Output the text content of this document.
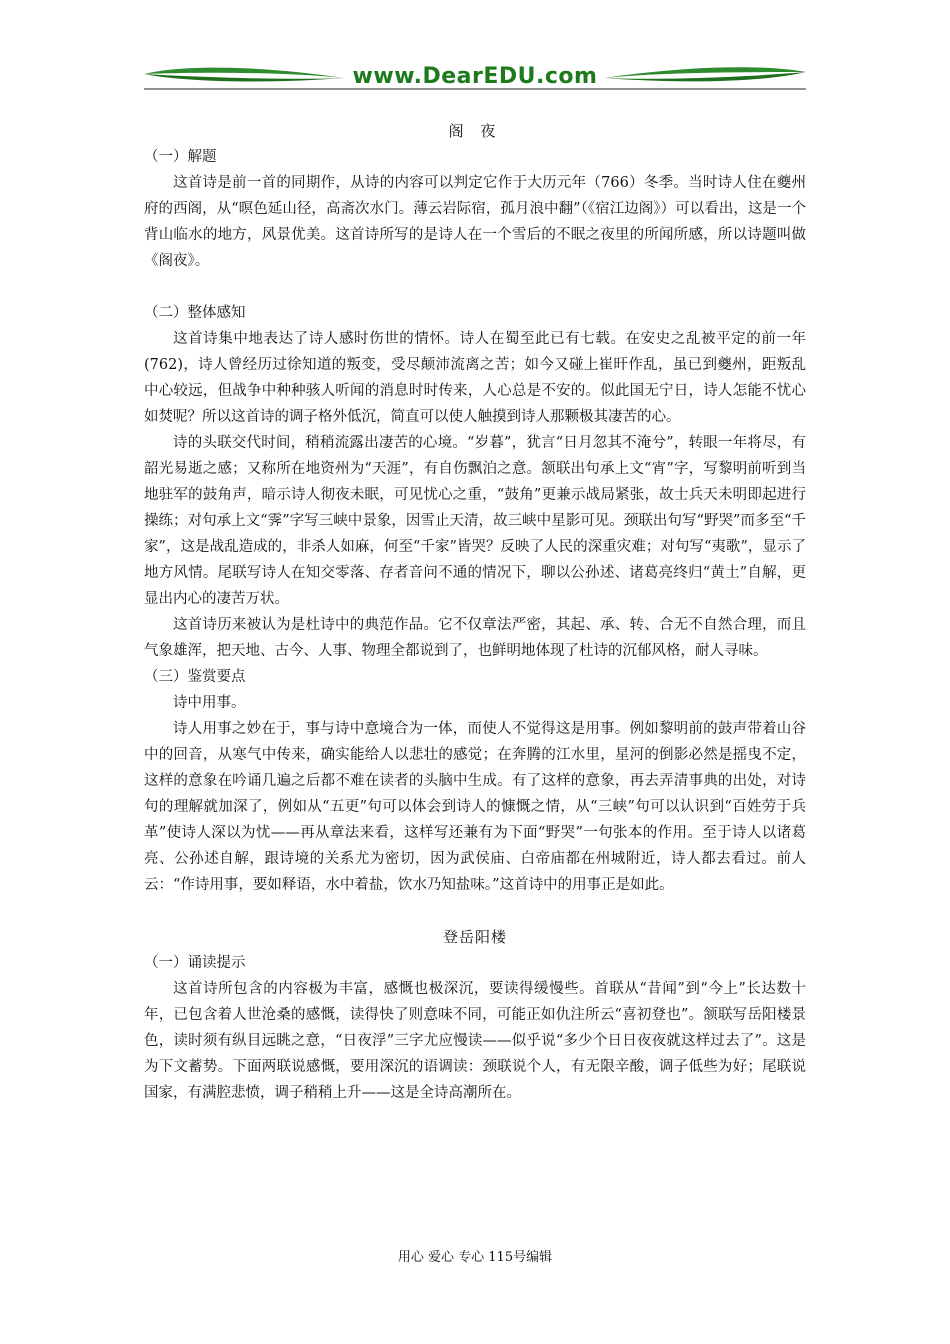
www.DearEDU.com

阁 夜

（一）解题

这首诗是前一首的同期作，从诗的内容可以判定它作于大历元年（766）冬季。当时诗人住在夔州府的西阁，从“暝色延山径，高斋次水门。薄云岩际宿，孤月浪中翻”（《宿江边阁》）可以看出，这是一个背山临水的地方，风景优美。这首诗所写的是诗人在一个雪后的不眠之夜里的所闻所感，所以诗题叫做《阁夜》。

（二）整体感知

这首诗集中地表达了诗人感时伤世的情怀。诗人在蜀至此已有七载。在安史之乱被平定的前一年(762)，诗人曾经历过徐知道的叛变，受尽颠沛流离之苦；如今又碰上崔旰作乱，虽已到夔州，距叛乱中心较远，但战争中种种骇人听闻的消息时时传来，人心总是不安的。似此国无宁日，诗人怎能不忧心如焚呢？所以这首诗的调子格外低沉，简直可以使人触摸到诗人那颗极其凄苦的心。

诗的头联交代时间，稍稍流露出凄苦的心境。“岁暮”，犹言“日月忽其不淹兮”，转眼一年将尽，有韶光易逝之感；又称所在地资州为“天涯”，有自伤飘泊之意。颔联出句承上文“宵”字，写黎明前听到当地驻军的鼓角声，暗示诗人彻夜未眠，可见忧心之重，“鼓角”更兼示战局紧张，故士兵天未明即起进行操练；对句承上文“霁”字写三峡中景象，因雪止天清，故三峡中星影可见。颈联出句写“野哭”而多至“千家”，这是战乱造成的，非杀人如麻，何至“千家”皆哭？反映了人民的深重灾难；对句写“夷歌”，显示了地方风情。尾联写诗人在知交零落、存者音问不通的情况下，聊以公孙述、诸葛亮终归“黄土”自解，更显出内心的凄苦万状。

这首诗历来被认为是杜诗中的典范作品。它不仅章法严密，其起、承、转、合无不自然合理，而且气象雄浑，把天地、古今、人事、物理全都说到了，也鲜明地体现了杜诗的沉郁风格，耐人寻味。

（三）鉴赏要点

诗中用事。

诗人用事之妙在于，事与诗中意境合为一体，而使人不觉得这是用事。例如黎明前的鼓声带着山谷中的回音，从寒气中传来，确实能给人以悲壮的感觉；在奔腾的江水里，星河的倒影必然是摇曳不定，这样的意象在吟诵几遍之后都不难在读者的头脑中生成。有了这样的意象，再去弄清事典的出处，对诗句的理解就加深了，例如从“五更”句可以体会到诗人的慷慨之情，从“三峡”句可以认识到“百姓劳于兵革”使诗人深以为忧——再从章法来看，这样写还兼有为下面“野哭”一句张本的作用。至于诗人以诸葛亮、公孙述自解，跟诗境的关系尤为密切，因为武侯庙、白帝庙都在州城附近，诗人都去看过。前人云：“作诗用事，要如释语，水中着盐，饮水乃知盐味。”这首诗中的用事正是如此。

登岳阳楼

（一）诵读提示

这首诗所包含的内容极为丰富，感慨也极深沉，要读得缓慢些。首联从“昔闻”到“今上”长达数十年，已包含着人世沧桑的感慨，读得快了则意味不同，可能正如仇注所云“喜初登也”。颔联写岳阳楼景色，读时须有纵目远眺之意，“日夜浮”三字尤应慢读——似乎说“多少个日日夜夜就这样过去了”。这是为下文蓄势。下面两联说感慨，要用深沉的语调读：颈联说个人，有无限辛酸，调子低些为好；尾联说国家，有满腔悲愤，调子稍稍上升——这是全诗高潮所在。

用心 爱心 专心 115号编辑
